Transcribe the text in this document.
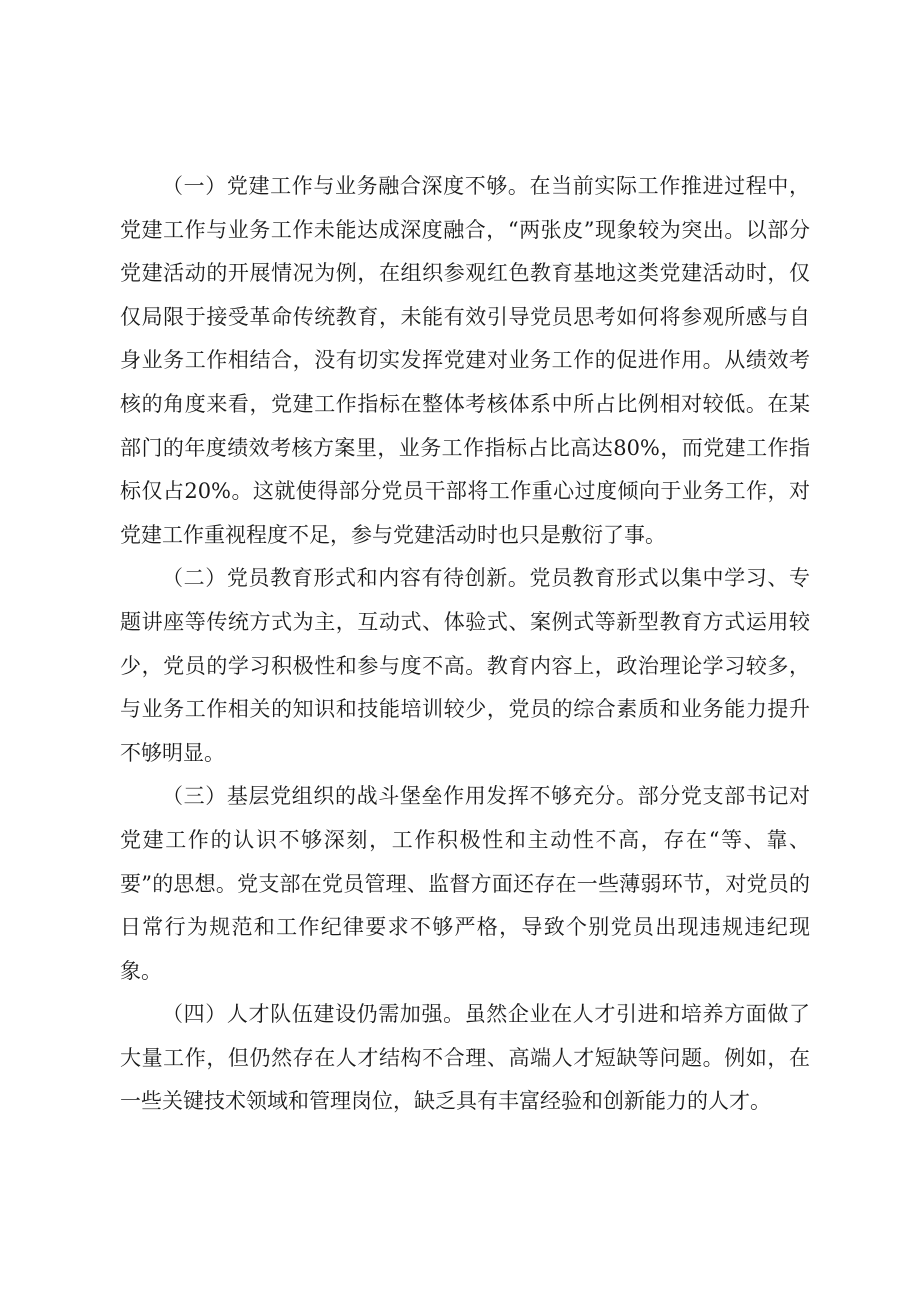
（一）党建工作与业务融合深度不够。在当前实际工作推进过程中，党建工作与业务工作未能达成深度融合，“两张皮”现象较为突出。以部分党建活动的开展情况为例，在组织参观红色教育基地这类党建活动时，仅仅局限于接受革命传统教育，未能有效引导党员思考如何将参观所感与自身业务工作相结合，没有切实发挥党建对业务工作的促进作用。从绩效考核的角度来看，党建工作指标在整体考核体系中所占比例相对较低。在某部门的年度绩效考核方案里，业务工作指标占比高达80%，而党建工作指标仅占20%。这就使得部分党员干部将工作重心过度倾向于业务工作，对党建工作重视程度不足，参与党建活动时也只是敷衍了事。

（二）党员教育形式和内容有待创新。党员教育形式以集中学习、专题讲座等传统方式为主，互动式、体验式、案例式等新型教育方式运用较少，党员的学习积极性和参与度不高。教育内容上，政治理论学习较多，与业务工作相关的知识和技能培训较少，党员的综合素质和业务能力提升不够明显。

（三）基层党组织的战斗堡垒作用发挥不够充分。部分党支部书记对党建工作的认识不够深刻，工作积极性和主动性不高，存在“等、靠、要”的思想。党支部在党员管理、监督方面还存在一些薄弱环节，对党员的日常行为规范和工作纪律要求不够严格，导致个别党员出现违规违纪现象。

（四）人才队伍建设仍需加强。虽然企业在人才引进和培养方面做了大量工作，但仍然存在人才结构不合理、高端人才短缺等问题。例如，在一些关键技术领域和管理岗位，缺乏具有丰富经验和创新能力的人才。
